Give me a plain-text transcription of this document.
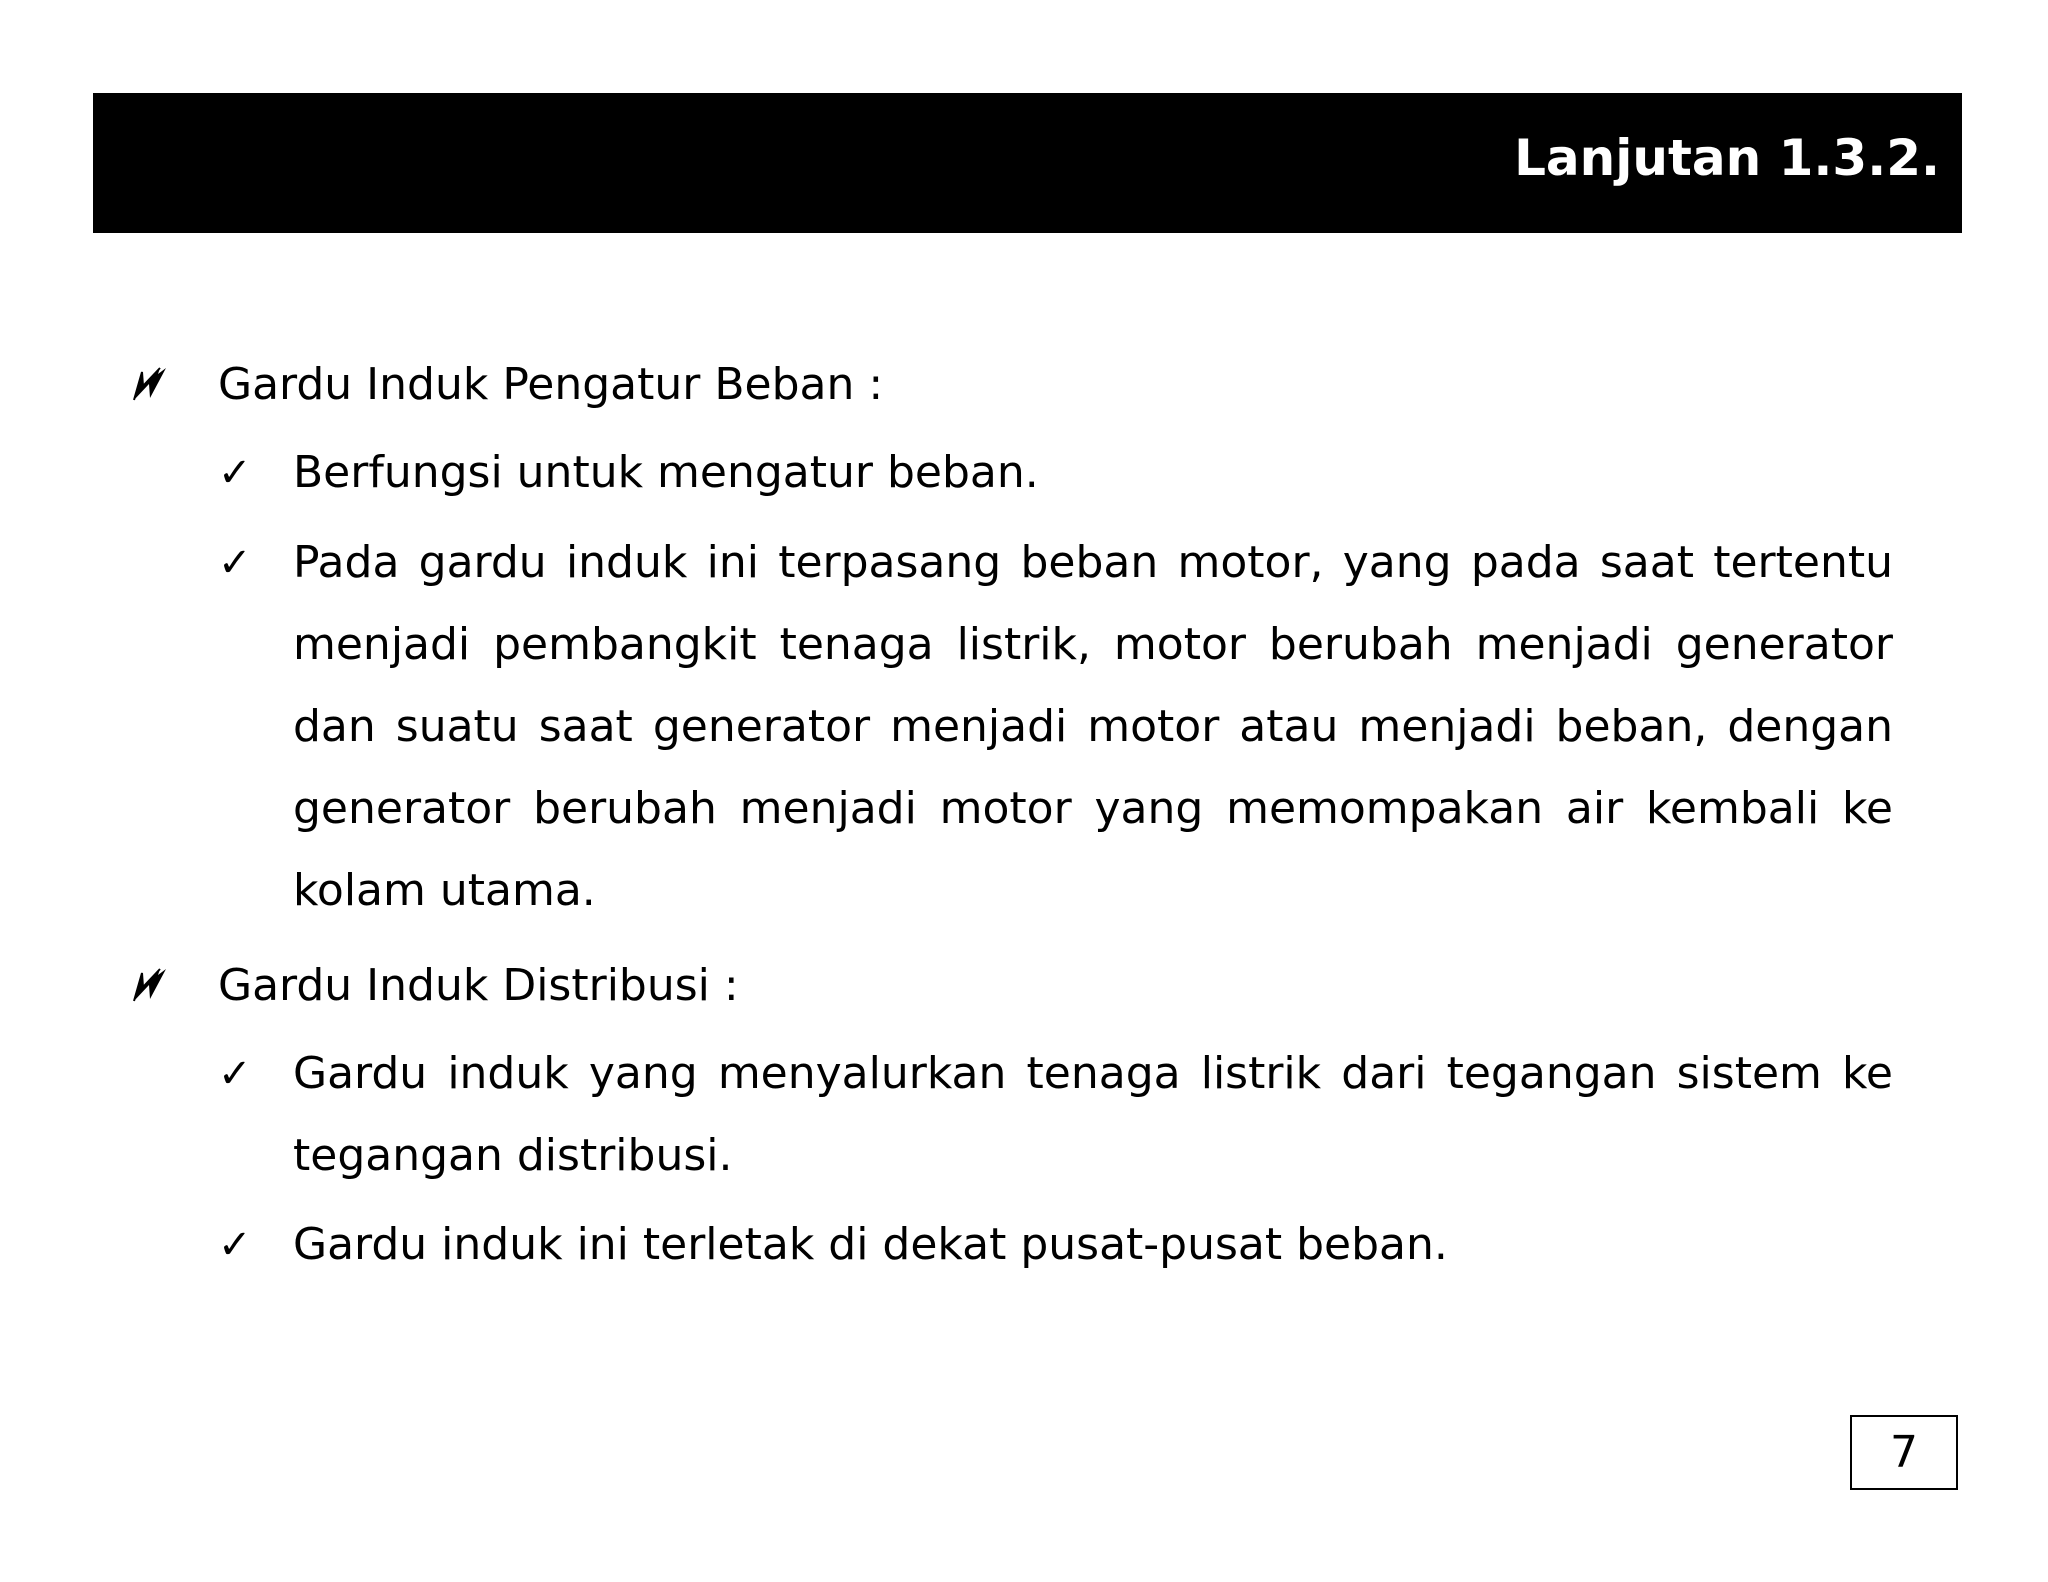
Lanjutan 1.3.2.
Gardu Induk Pengatur Beban :
✓ Berfungsi untuk mengatur beban.
✓ Pada gardu induk ini terpasang beban motor, yang pada saat tertentu menjadi pembangkit tenaga listrik, motor berubah menjadi generator dan suatu saat generator menjadi motor atau menjadi beban, dengan generator berubah menjadi motor yang memompakan air kembali ke kolam utama.
Gardu Induk Distribusi :
✓ Gardu induk yang menyalurkan tenaga listrik dari tegangan sistem ke tegangan distribusi.
✓ Gardu induk ini terletak di dekat pusat-pusat beban.
7
